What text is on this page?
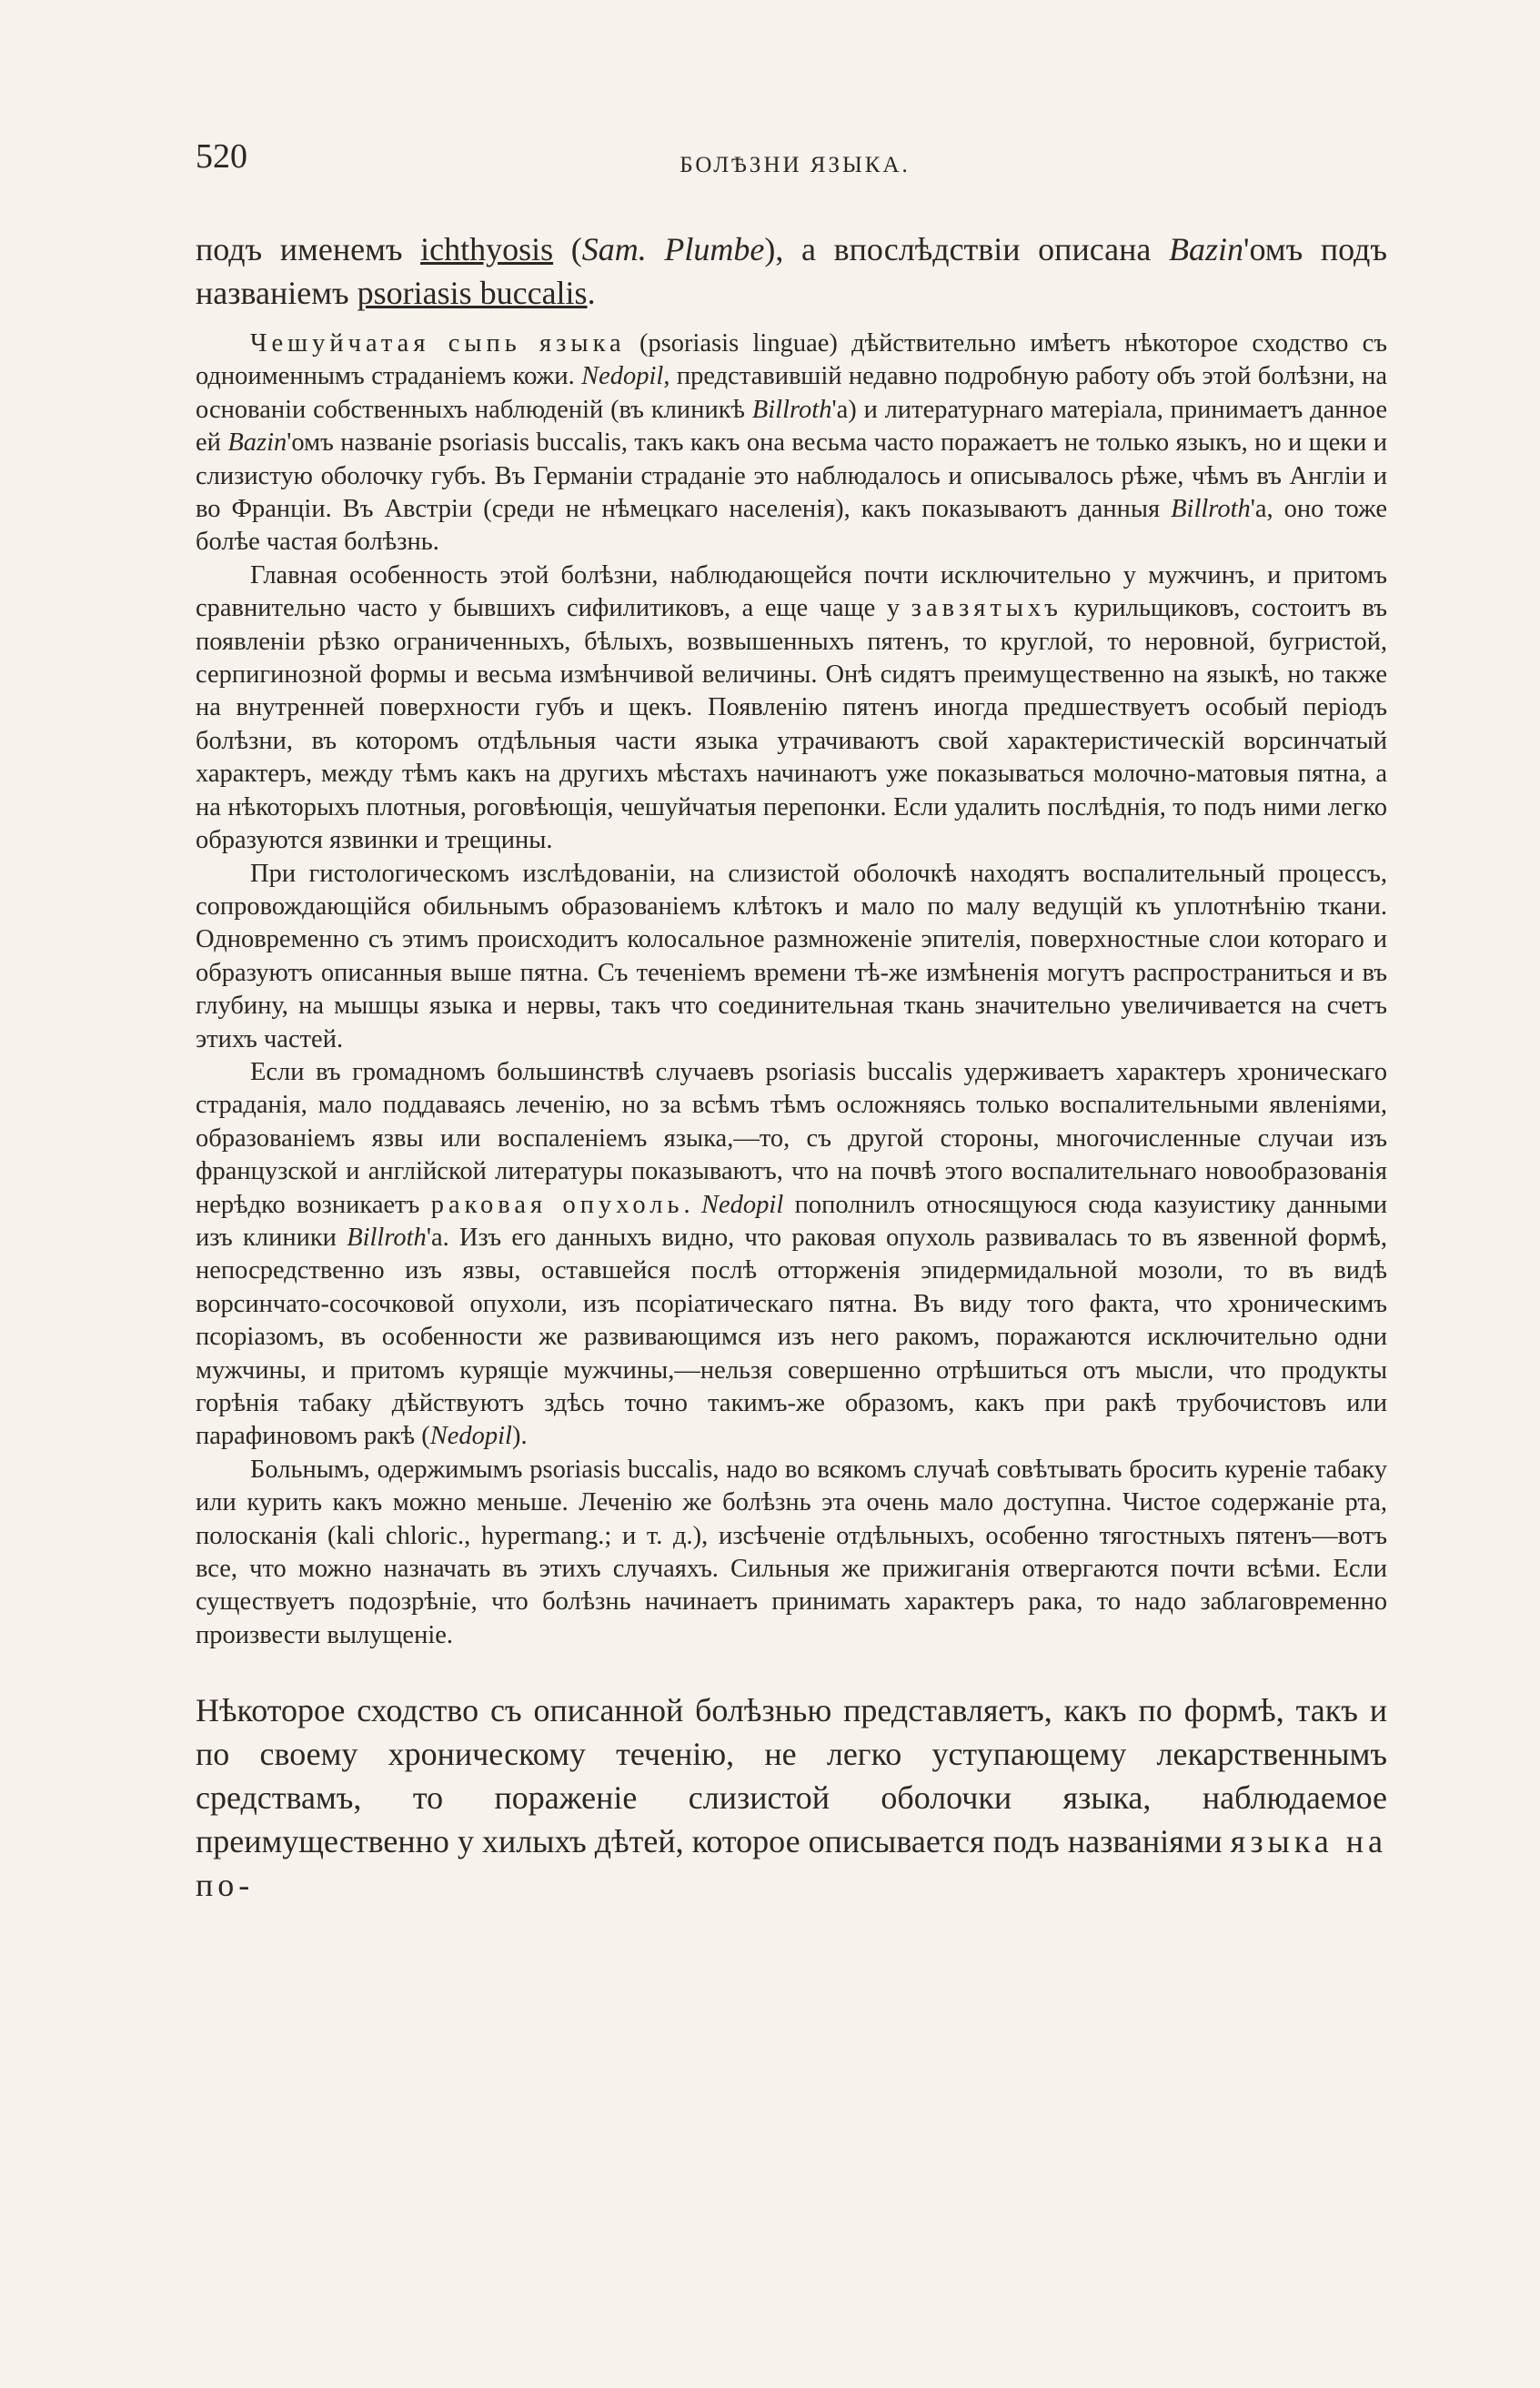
520	БОЛѢЗНИ ЯЗЫКА.

подъ именемъ ichthyosis (Sam. Plumbe), а впослѣдствіи описана Bazin'омъ подъ названіемъ psoriasis buccalis.

Чешуйчатая сыпь языка (psoriasis linguae) дѣйствительно имѣетъ нѣкоторое сходство съ одноименнымъ страданіемъ кожи. Nedopil, представившій недавно подробную работу объ этой болѣзни, на основаніи собственныхъ наблюденій (въ клиникѣ Billroth'а) и литературнаго матеріала, принимаетъ данное ей Bazin'омъ названіе psoriasis buccalis, такъ какъ она весьма часто поражаетъ не только языкъ, но и щеки и слизистую оболочку губъ. Въ Германіи страданіе это наблюдалось и описывалось рѣже, чѣмъ въ Англіи и во Франціи. Въ Австріи (среди не нѣмецкаго населенія), какъ показываютъ данныя Billroth'а, оно тоже болѣе частая болѣзнь.

Главная особенность этой болѣзни, наблюдающейся почти исключительно у мужчинъ, и притомъ сравнительно часто у бывшихъ сифилитиковъ, а еще чаще у завзятыхъ курильщиковъ, состоитъ въ появленіи рѣзко ограниченныхъ, бѣлыхъ, возвышенныхъ пятенъ, то круглой, то неровной, бугристой, серпигинозной формы и весьма измѣнчивой величины. Онѣ сидятъ преимущественно на языкѣ, но также на внутренней поверхности губъ и щекъ. Появленію пятенъ иногда предшествуетъ особый періодъ болѣзни, въ которомъ отдѣльныя части языка утрачиваютъ свой характеристическій ворсинчатый характеръ, между тѣмъ какъ на другихъ мѣстахъ начинаютъ уже показываться молочно-матовыя пятна, а на нѣкоторыхъ плотныя, роговѣющія, чешуйчатыя перепонки. Если удалить послѣднія, то подъ ними легко образуются язвинки и трещины.

При гистологическомъ изслѣдованіи, на слизистой оболочкѣ находятъ воспалительный процессъ, сопровождающійся обильнымъ образованіемъ клѣтокъ и мало по малу ведущій къ уплотнѣнію ткани. Одновременно съ этимъ происходитъ колосальное размноженіе эпителія, поверхностные слои котораго и образуютъ описанныя выше пятна. Съ теченіемъ времени тѣ-же измѣненія могутъ распространиться и въ глубину, на мышцы языка и нервы, такъ что соединительная ткань значительно увеличивается на счетъ этихъ частей.

Если въ громадномъ большинствѣ случаевъ psoriasis buccalis удерживаетъ характеръ хроническаго страданія, мало поддаваясь леченію, но за всѣмъ тѣмъ осложняясь только воспалительными явленіями, образованіемъ язвы или воспаленіемъ языка,—то, съ другой стороны, многочисленные случаи изъ французской и англійской литературы показываютъ, что на почвѣ этого воспалительнаго новообразованія нерѣдко возникаетъ раковая опухоль. Nedopil пополнилъ относящуюся сюда казуистику данными изъ клиники Billroth'а. Изъ его данныхъ видно, что раковая опухоль развивалась то въ язвенной формѣ, непосредственно изъ язвы, оставшейся послѣ отторженія эпидермидальной мозоли, то въ видѣ ворсинчато-сосочковой опухоли, изъ псоріатическаго пятна. Въ виду того факта, что хроническимъ псоріазомъ, въ особенности же развивающимся изъ него ракомъ, поражаются исключительно одни мужчины, и притомъ курящіе мужчины,—нельзя совершенно отрѣшиться отъ мысли, что продукты горѣнія табаку дѣйствуютъ здѣсь точно такимъ-же образомъ, какъ при ракѣ трубочистовъ или парафиновомъ ракѣ (Nedopil).

Больнымъ, одержимымъ psoriasis buccalis, надо во всякомъ случаѣ совѣтывать бросить куреніе табаку или курить какъ можно меньше. Леченію же болѣзнь эта очень мало доступна. Чистое содержаніе рта, полосканія (kali chloric., hypermang.; и т. д.), изсѣченіе отдѣльныхъ, особенно тягостныхъ пятенъ—вотъ все, что можно назначать въ этихъ случаяхъ. Сильныя же прижиганія отвергаются почти всѣми. Если существуетъ подозрѣніе, что болѣзнь начинаетъ принимать характеръ рака, то надо заблаговременно произвести вылущеніе.

Нѣкоторое сходство съ описанной болѣзнью представляетъ, какъ по формѣ, такъ и по своему хроническому теченію, не легко уступающему лекарственнымъ средствамъ, то пораженіе слизистой оболочки языка, наблюдаемое преимущественно у хилыхъ дѣтей, которое описывается подъ названіями языка на по-
